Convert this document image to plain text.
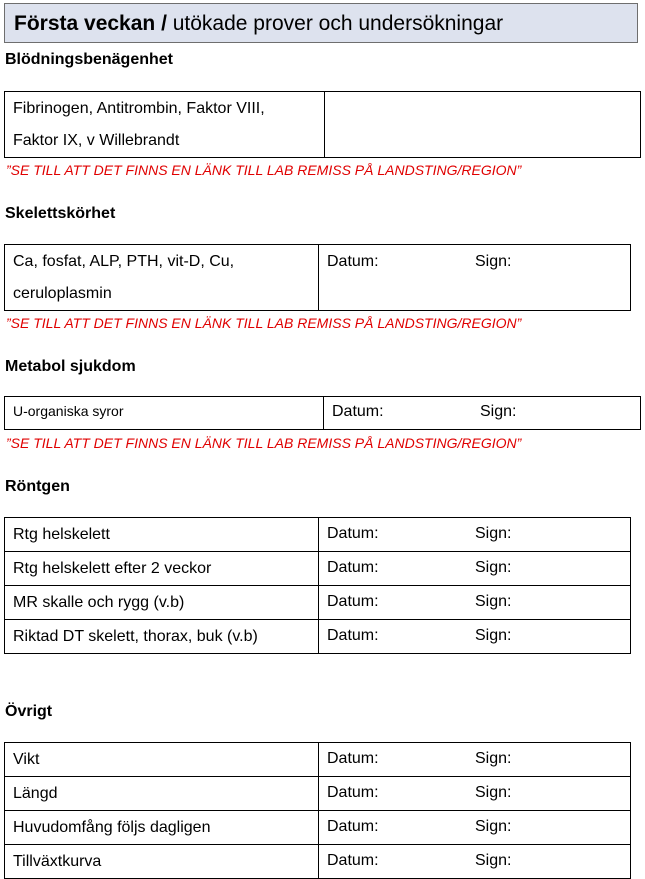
Första veckan / utökade prover och undersökningar
Blödningsbenägenhet
Fibrinogen, Antitrombin, Faktor VIII,
Faktor IX, v Willebrandt

”SE TILL ATT DET FINNS EN LÄNK TILL LAB REMISS PÅ LANDSTING/REGION”
Skelettskörhet
Ca, fosfat, ALP, PTH, vit-D, Cu,
ceruloplasmin

Datum:	Sign:
”SE TILL ATT DET FINNS EN LÄNK TILL LAB REMISS PÅ LANDSTING/REGION”
Metabol sjukdom
U-organiska syror	Datum:	Sign:
”SE TILL ATT DET FINNS EN LÄNK TILL LAB REMISS PÅ LANDSTING/REGION”
Röntgen
Rtg helskelett	Datum: Sign:

Rtg helskelett efter 2 veckor	Datum: Sign:

MR skalle och rygg (v.b)	Datum: Sign:

Riktad DT skelett, thorax, buk (v.b)	Datum: Sign:
Övrigt
Vikt	Datum: Sign:

Längd	Datum: Sign:

Huvudomfång följs dagligen	Datum: Sign:

Tillväxtkurva	Datum: Sign:
